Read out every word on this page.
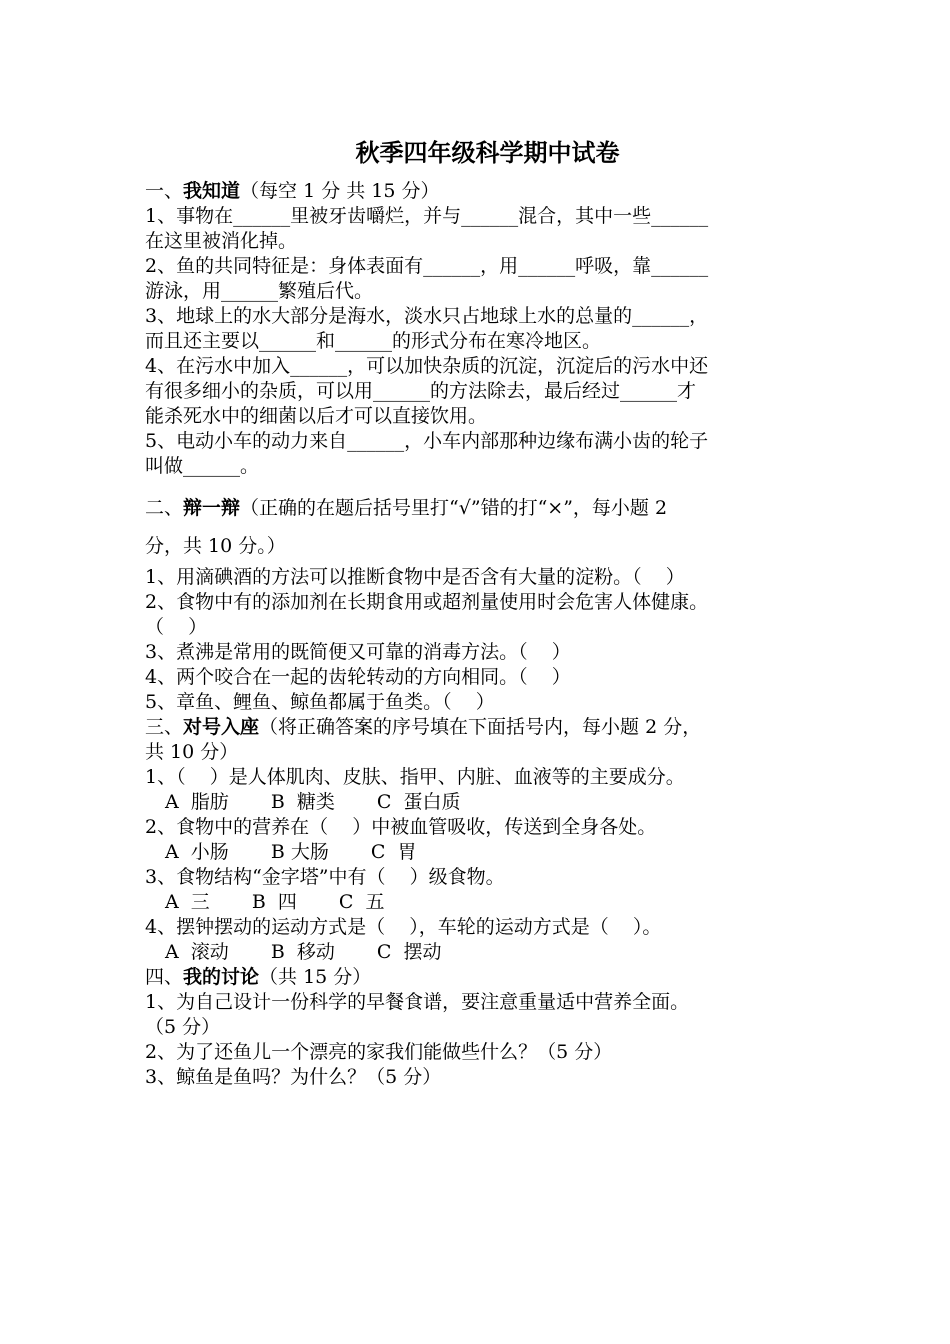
秋季四年级科学期中试卷

一、我知道（每空 1 分 共 15 分）

1、事物在______里被牙齿嚼烂，并与______混合，其中一些______

在这里被消化掉。

2、鱼的共同特征是：身体表面有______，用______呼吸，靠______

游泳，用______繁殖后代。

3、地球上的水大部分是海水，淡水只占地球上水的总量的______，

而且还主要以______和______的形式分布在寒冷地区。

4、在污水中加入______，可以加快杂质的沉淀，沉淀后的污水中还

有很多细小的杂质，可以用______的方法除去，最后经过______才

能杀死水中的细菌以后才可以直接饮用。

5、电动小车的动力来自______，小车内部那种边缘布满小齿的轮子

叫做______。

二、辩一辩（正确的在题后括号里打“√”错的打“×”，每小题 2

分，共 10 分。）

1、用滴碘酒的方法可以推断食物中是否含有大量的淀粉。（    ）

2、食物中有的添加剂在长期食用或超剂量使用时会危害人体健康。

（    ）

3、煮沸是常用的既简便又可靠的消毒方法。（    ）

4、两个咬合在一起的齿轮转动的方向相同。（    ）

5、章鱼、鲤鱼、鲸鱼都属于鱼类。（    ）

三、对号入座（将正确答案的序号填在下面括号内，每小题 2 分，

共 10 分）

1、（    ）是人体肌肉、皮肤、指甲、内脏、血液等的主要成分。

A  脂肪 B  糖类 C  蛋白质

2、食物中的营养在（    ）中被血管吸收，传送到全身各处。

A  小肠 B 大肠 C  胃

3、食物结构“金字塔”中有（    ）级食物。

A  三 B  四 C  五

4、摆钟摆动的运动方式是（    ），车轮的运动方式是（    ）。

A  滚动 B  移动 C  摆动

四、我的讨论（共 15 分）

1、为自己设计一份科学的早餐食谱，要注意重量适中营养全面。

（5 分）

2、为了还鱼儿一个漂亮的家我们能做些什么？（5 分）

3、鲸鱼是鱼吗？为什么？（5 分）
